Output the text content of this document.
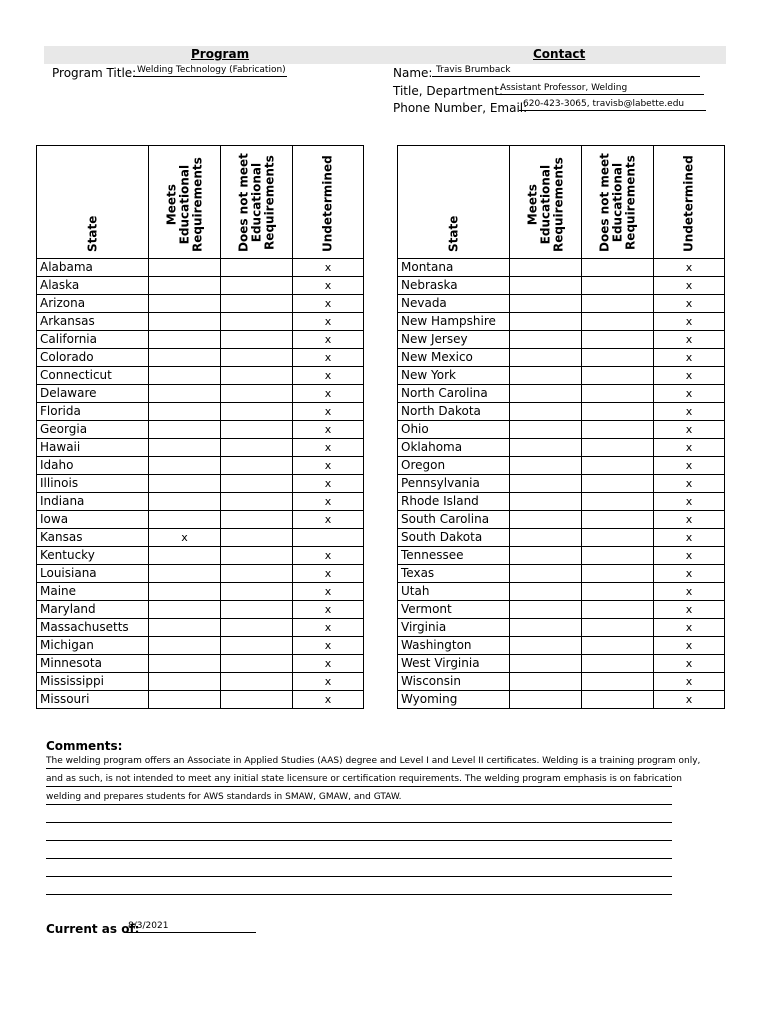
Program	Contact
Program Title: Welding Technology (Fabrication)	Name: Travis Brumback
Title, Department:
Assistant Professor, Welding
Phone Number, Email:
620-423-3065, travisb@labette.edu
State	Meets
Educational
Requirements	Does not meet
Educational
Requirements	Undetermined

Alabama			x
Alaska			x
Arizona			x
Arkansas			x
California			x
Colorado			x
Connecticut			x
Delaware			x
Florida			x
Georgia			x
Hawaii			x
Idaho			x
Illinois			x
Indiana			x
Iowa			x
Kansas	x		
Kentucky			x
Louisiana			x
Maine			x
Maryland			x
Massachusetts			x
Michigan			x
Minnesota			x
Mississippi			x
Missouri			x
State	Meets
Educational
Requirements	Does not meet
Educational
Requirements	Undetermined

Montana			x
Nebraska			x
Nevada			x
New Hampshire			x
New Jersey			x
New Mexico			x
New York			x
North Carolina			x
North Dakota			x
Ohio			x
Oklahoma			x
Oregon			x
Pennsylvania			x
Rhode Island			x
South Carolina			x
South Dakota			x
Tennessee			x
Texas			x
Utah			x
Vermont			x
Virginia			x
Washington			x
West Virginia			x
Wisconsin			x
Wyoming			x
Comments:
The welding program offers an Associate in Applied Studies (AAS) degree and Level I and Level II certificates. Welding is a training program only,
and as such, is not intended to meet any initial state licensure or certification requirements. The welding program emphasis is on fabrication
welding and prepares students for AWS standards in SMAW, GMAW, and GTAW.
Current as of:
8/3/2021
